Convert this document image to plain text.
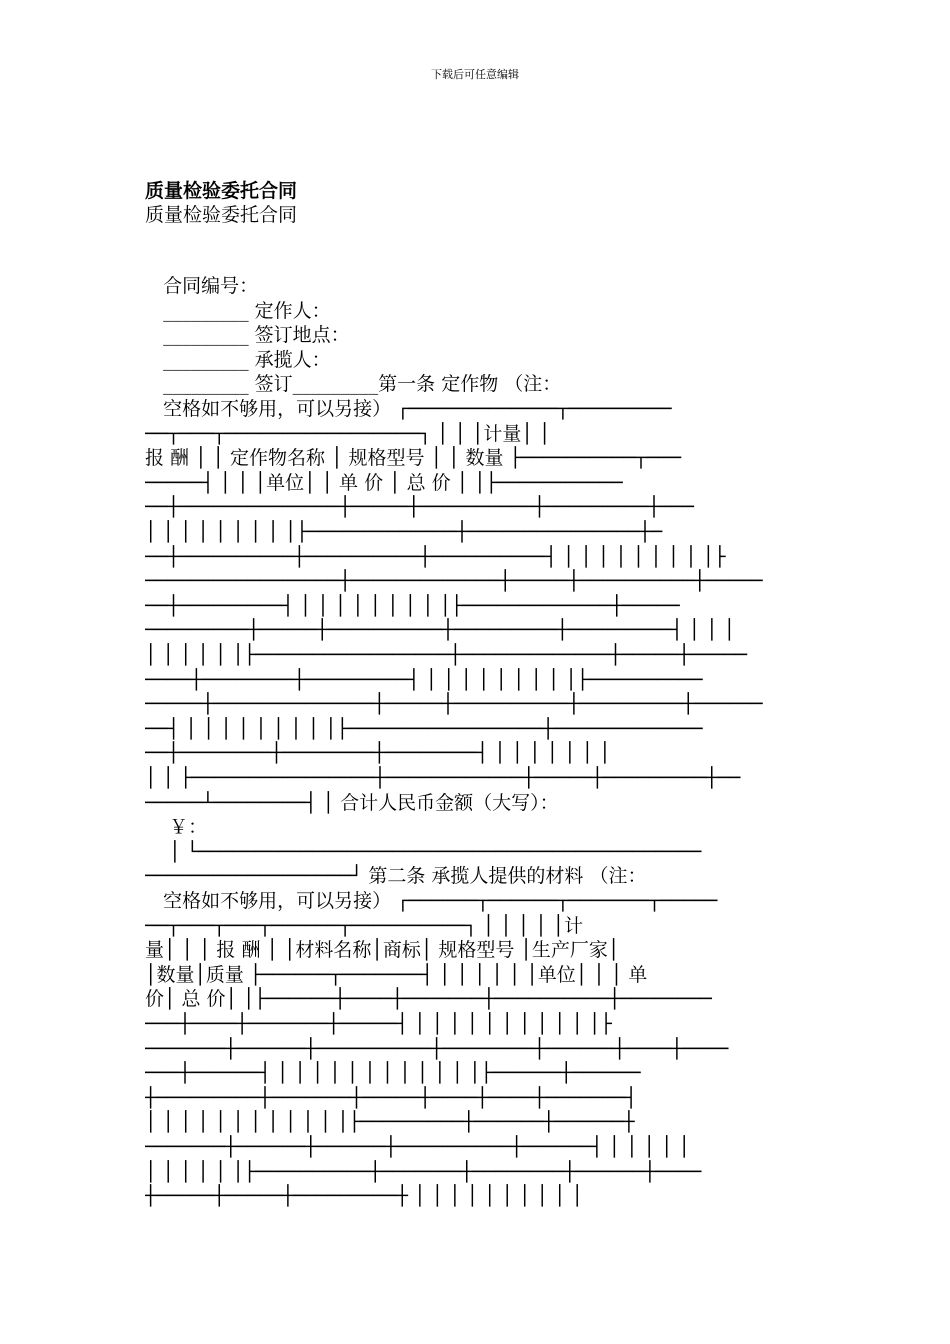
下载后可任意编辑
质量检验委托合同
质量检验委托合同
合同编号：
_________ 定作人：
_________ 签订地点：
_________ 承揽人：
_________ 签订_________第一条 定作物 （注：
空格如不够用，可以另接） ┌─────────────┬─────────
──┬───┬─────────────────┐ │ │ │计量│ │
报 酬 │ │ 定作物名称 │ 规格型号 │ │ 数量 ├──────────┬───
─────┤ │ │ │单位│ │ 单 价 │ 总 价 │ │├───────────
──┼──────────────┼─────┼──────────┼─────────┼───
│ │ │ │ │ │ │ │ │├─────────────┼───────────────┼─
──┼──────────┼──────────┼──────────┤ │ │ │ │ │ │ │ │ │├
─────────────────┼─────────────┼─────┼──────────┼─────
──┼─────────┤ │ │ │ │ │ │ │ │ │├─────────────┼─────
─────────┼─────┼──────────┼─────────┼─────────┤ │ │ │
│ │ │ │ │ │├─────────────────┼─────────────┼─────┼─────
────┼────────┼─────────┤ │ │ │ │ │ │ │ │ │├──────────
─────┼──────────────┼─────┼──────────┼─────────┼──────
──┤ │ │ │ │ │ │ │ │ │├─────────────────┼─────────────
──┼────────┼────────┼────────┤ │ │ │ │ │ │ │
│ │ ├────────────────┼────────────┼─────┼─────────┼──
─────┴────────┤ │ 合计人民币金额（大写）：
￥：
│ └────────────────────────────────────────────
──────────────────┘ 第二条 承揽人提供的材料 （注：
空格如不够用，可以另接） ┌──────┬──────┬───────┬─────
──┬───┬───┬──────┬──────────┐ │ │ │ │ │计
量│ │ │ 报 酬 │ │材料名称│商标│ 规格型号 │生产厂家│
│数量│质量 ├──────┬───────┤ │ │ │ │ │ │单位│ │ │ 单
价│ 总 价│ │├──────┼────┼───────┼──────────┼────────
───┼────┼───────┼─────┤ │ │ │ │ │ │ │ │ │ │ │├
───────┼──────┼──────────┼────────┼──────┼────┼────
───┼──────┤ │ │ │ │ │ │ │ │ │ │ │ │├──────┼──────
┼─────────┼───────┼─────┼────┼────┼───────┤
│ │ │ │ │ │ │ │ │ │ │ │├─────────┼──────┼──────┼
───────┼──────┼──────┼──────────┼──────┤ │ │ │ │ │
│ │ │ │ │ │├──────────┼───────┼────────┼──────┼────
┼─────┼─────┼─────────┼ │ │ │ │ │ │ │ │ │ │
